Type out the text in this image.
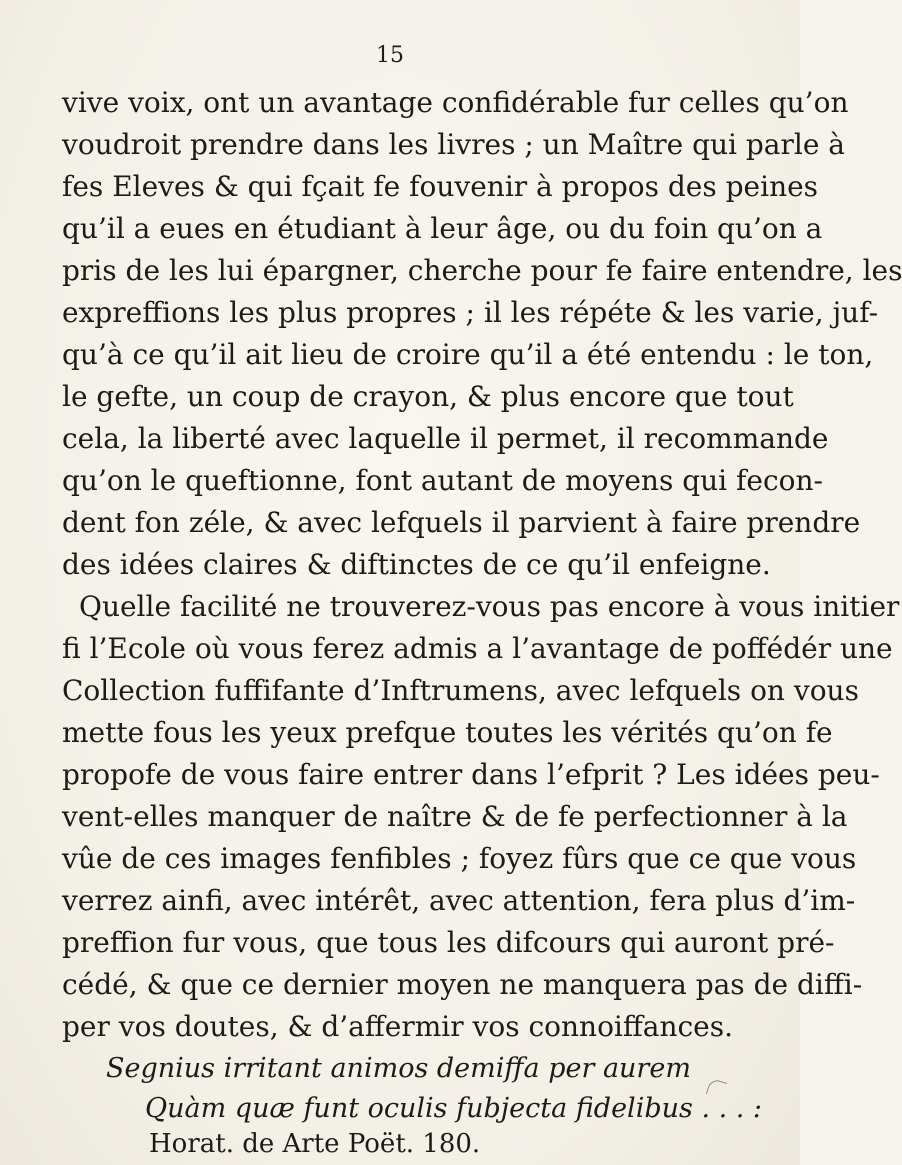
15
vive voix, ont un avantage confidérable fur celles qu’on
voudroit prendre dans les livres ; un Maître qui parle à
fes Eleves & qui fçait fe fouvenir à propos des peines
qu’il a eues en étudiant à leur âge, ou du foin qu’on a
pris de les lui épargner, cherche pour fe faire entendre, les
expreffions les plus propres ; il les répéte & les varie, juf-
qu’à ce qu’il ait lieu de croire qu’il a été entendu : le ton,
le gefte, un coup de crayon, & plus encore que tout
cela, la liberté avec laquelle il permet, il recommande
qu’on le queftionne, font autant de moyens qui fecon-
dent fon zéle, & avec lefquels il parvient à faire prendre
des idées claires & diftinctes de ce qu’il enfeigne.
Quelle facilité ne trouverez-vous pas encore à vous initier
fi l’Ecole où vous ferez admis a l’avantage de poffédér une
Collection fuffifante d’Inftrumens, avec lefquels on vous
mette fous les yeux prefque toutes les vérités qu’on fe
propofe de vous faire entrer dans l’efprit ? Les idées peu-
vent-elles manquer de naître & de fe perfectionner à la
vûe de ces images fenfibles ; foyez fûrs que ce que vous
verrez ainfi, avec intérêt, avec attention, fera plus d’im-
preffion fur vous, que tous les difcours qui auront pré-
cédé, & que ce dernier moyen ne manquera pas de diffi-
per vos doutes, & d’affermir vos connoiffances.
Segnius irritant animos demiffa per aurem
Quàm quæ funt oculis fubjecta fidelibus . . . :
Horat. de Arte Poët. 180.
